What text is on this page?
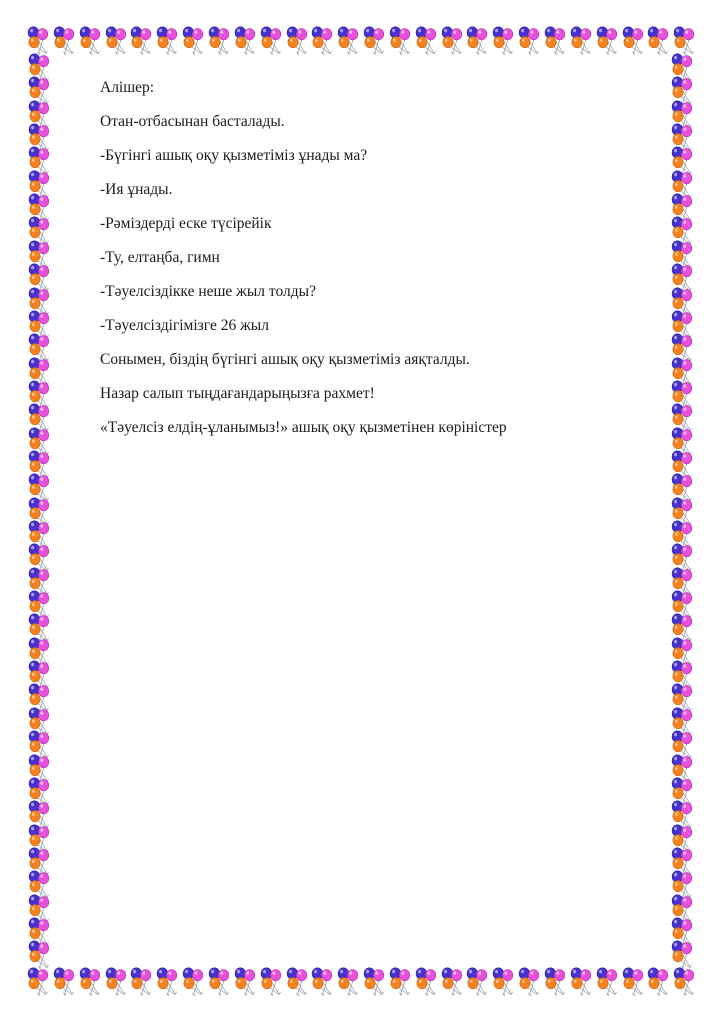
Алішер:

Отан-отбасынан басталады.

-Бүгінгі ашық оқу қызметіміз ұнады ма?

-Ия ұнады.

-Рәміздерді еске түсірейік

-Ту, елтаңба, гимн

-Тәуелсіздікке неше жыл толды?

-Тәуелсіздігімізге 26 жыл

Сонымен, біздің бүгінгі ашық оқу қызметіміз аяқталды.

Назар салып тыңдағандарыңызға рахмет!

«Тәуелсіз елдің-ұланымыз!» ашық оқу қызметінен көріністер
